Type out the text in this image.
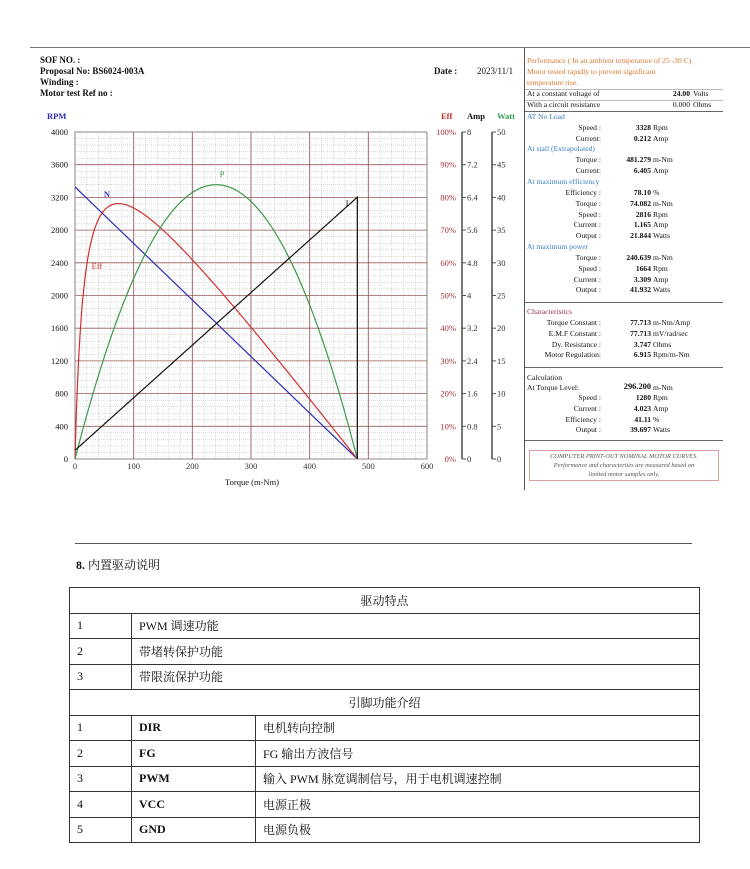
SOF NO. :
Proposal No: BS6024-003A
Winding :
Motor test Ref no :
Date : 2023/11/1
RPM	Eff Amp Watt
0
400
800
1200
1600
2000
2400
2800
3200
3600
4000
0%
10%
20%
30%
40%
50%
60%
70%
80%
90%
100%
0
0.8
1.6
2.4
3.2
4
4.8
5.6
6.4
7.2
8
0
5
10
15
20
25
30
35
40
45
50
0	100	200	300	400	500	600
Torque (m-Nm)
N
Eff
P
I
Performance ( In an ambient temperature of 25 -30 C)
Motor tested rapidly to prevent significant
temperature rise.
At a constant voltage of	24.00 Volts
With a circuit resistance	0.000 Ohms
AT No Load
At stall (Extrapolated)
At maximum efficiency
At maximum power
Characteristics
Calculation
At Torque Level:	296.200 m-Nm
COMPUTER PRINT-OUT NOMINAL MOTOR CURVES.
Performance and characterties are measured based on
limited motor samples only.
Speed :	3328 Rpm
Current:	0.212 Amp
Torque :	481.279 m-Nm
Current:	6.405 Amp
Efficiency :	78.10 %
Torque :	74.082 m-Nm
Speed :	2816 Rpm
Current :	1.165 Amp
Output :	21.844 Watts
Torque :	240.639 m-Nm
Speed :	1664 Rpm
Current :	3.309 Amp
Output :	41.932 Watts
Torque Constant :	77.713 m-Nm/Amp
E.M.F Constant :	77.713 mV/rad/sec
Dy. Resistance :	3.747 Ohms
Motor Regulation:	6.915 Rpm/m-Nm
Speed :	1280 Rpm
Current :	4.023 Amp
Efficiency :	41.11 %
Output :	39.697 Watts
8. 内置驱动说明
驱动特点		
1	PWM 调速功能	
2	带堵转保护功能	
3	带限流保护功能	
引脚功能介绍		
1	DIR	电机转向控制
2	FG	FG 输出方波信号
3	PWM	输入 PWM 脉宽调制信号，用于电机调速控制
4	VCC	电源正极
5	GND	电源负极
